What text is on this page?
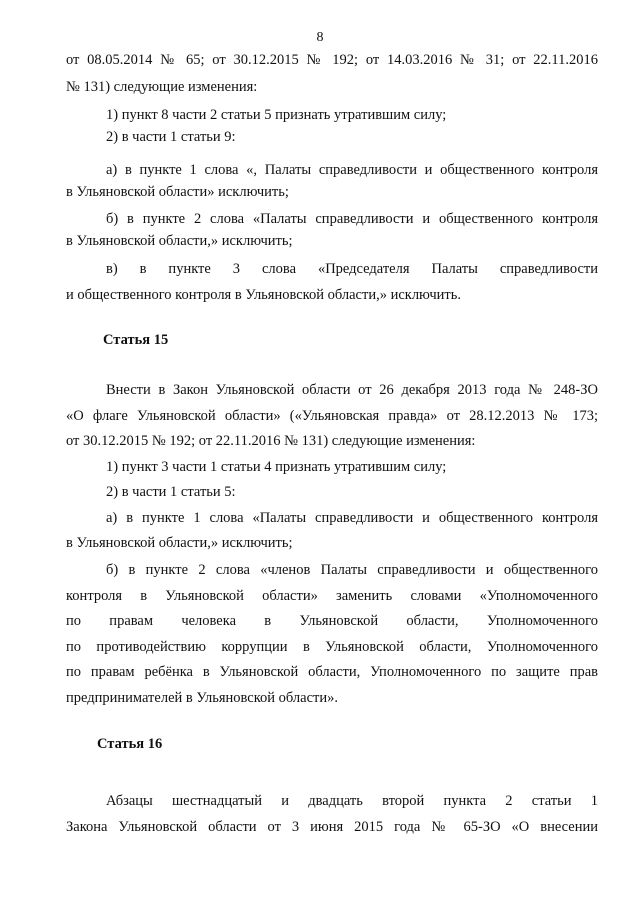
8
от 08.05.2014 № 65; от 30.12.2015 № 192; от 14.03.2016 № 31; от 22.11.2016
№ 131) следующие изменения:
1) пункт 8 части 2 статьи 5 признать утратившим силу;
2) в части 1 статьи 9:
а) в пункте 1 слова «, Палаты справедливости и общественного контроля
в Ульяновской области» исключить;
б) в пункте 2 слова «Палаты справедливости и общественного контроля
в Ульяновской области,» исключить;
в) в пункте 3 слова «Председателя Палаты справедливости
и общественного контроля в Ульяновской области,» исключить.
Статья 15
Внести в Закон Ульяновской области от 26 декабря 2013 года № 248-ЗО
«О флаге Ульяновской области» («Ульяновская правда» от 28.12.2013 № 173;
от 30.12.2015 № 192; от 22.11.2016 № 131) следующие изменения:
1) пункт 3 части 1 статьи 4 признать утратившим силу;
2) в части 1 статьи 5:
а) в пункте 1 слова «Палаты справедливости и общественного контроля
в Ульяновской области,» исключить;
б) в пункте 2 слова «членов Палаты справедливости и общественного
контроля в Ульяновской области» заменить словами «Уполномоченного
по правам человека в Ульяновской области, Уполномоченного
по противодействию коррупции в Ульяновской области, Уполномоченного
по правам ребёнка в Ульяновской области, Уполномоченного по защите прав
предпринимателей в Ульяновской области».
Статья 16
Абзацы шестнадцатый и двадцать второй пункта 2 статьи 1
Закона Ульяновской области от 3 июня 2015 года № 65-ЗО «О внесении
